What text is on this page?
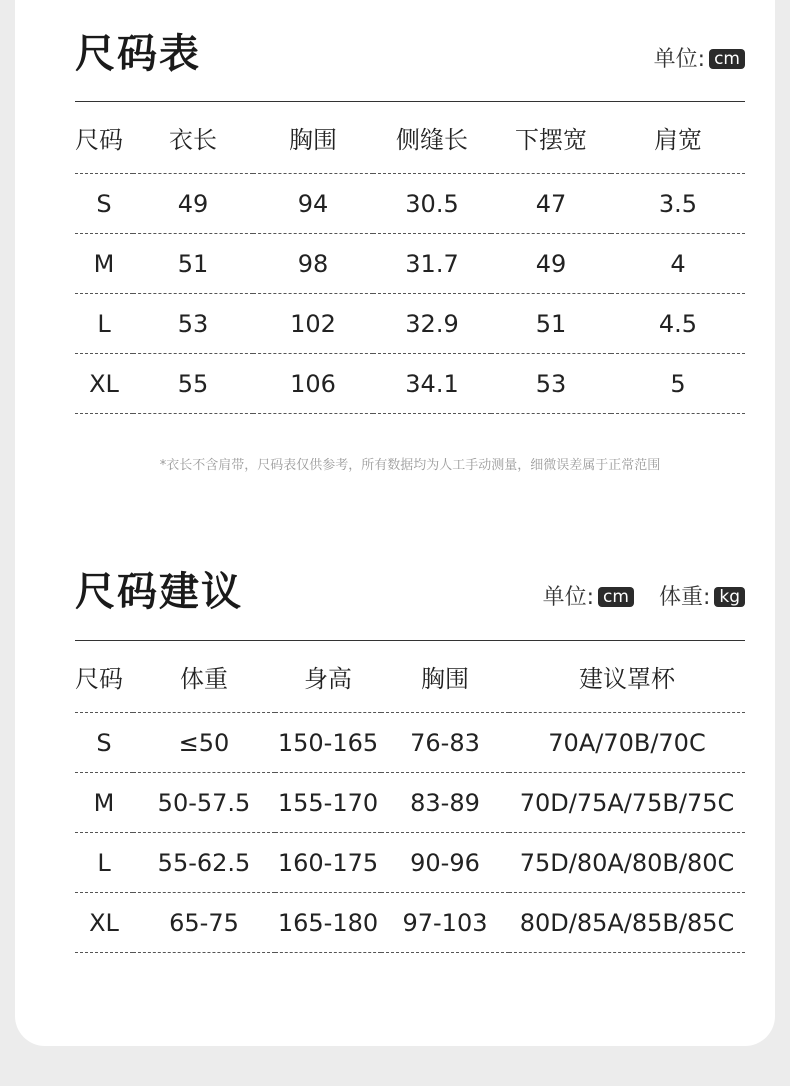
尺码表	单位: cm
尺码	衣长	胸围	侧缝长	下摆宽	肩宽
S	49	94	30.5	47	3.5
M	51	98	31.7	49	4
L	53	102	32.9	51	4.5
XL	55	106	34.1	53	5
*衣长不含肩带，尺码表仅供参考，所有数据均为人工手动测量，细微误差属于正常范围
尺码建议	单位: cm 体重: kg
尺码	体重	身高	胸围	建议罩杯
S	≤50	150-165	76-83	70A/70B/70C
M	50-57.5	155-170	83-89	70D/75A/75B/75C
L	55-62.5	160-175	90-96	75D/80A/80B/80C
XL	65-75	165-180	97-103	80D/85A/85B/85C
